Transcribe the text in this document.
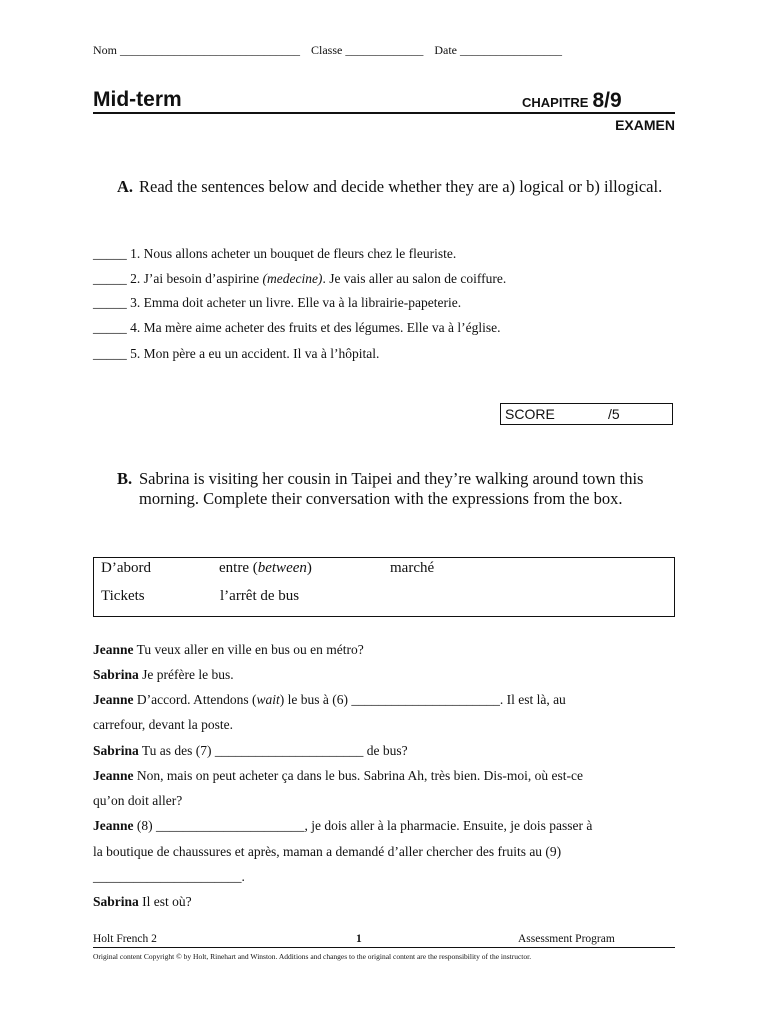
Nom ______________________________ Classe _____________ Date _________________
Mid-term	CHAPITRE 8/9
EXAMEN
A. Read the sentences below and decide whether they are a) logical or b) illogical.
_____ 1. Nous allons acheter un bouquet de fleurs chez le fleuriste.
_____ 2. J’ai besoin d’aspirine (medecine). Je vais aller au salon de coiffure.
_____ 3. Emma doit acheter un livre. Elle va à la librairie-papeterie.
_____ 4. Ma mère aime acheter des fruits et des légumes. Elle va à l’église.
_____ 5. Mon père a eu un accident. Il va à l’hôpital.
SCORE	/5
B. Sabrina is visiting her cousin in Taipei and they’re walking around town this morning. Complete their conversation with the expressions from the box.
D’abord	entre (between)	marché
Tickets	l’arrêt de bus
Jeanne Tu veux aller en ville en bus ou en métro?
Sabrina Je préfère le bus.
Jeanne D’accord. Attendons (wait) le bus à (6) ______________________. Il est là, au
carrefour, devant la poste.
Sabrina Tu as des (7) ______________________ de bus?
Jeanne Non, mais on peut acheter ça dans le bus. Sabrina Ah, très bien. Dis-moi, où est-ce
qu’on doit aller?
Jeanne (8) ______________________, je dois aller à la pharmacie. Ensuite, je dois passer à
la boutique de chaussures et après, maman a demandé d’aller chercher des fruits au (9)
______________________.
Sabrina Il est où?
Holt French 2	1	Assessment Program
Original content Copyright © by Holt, Rinehart and Winston. Additions and changes to the original content are the responsibility of the instructor.
